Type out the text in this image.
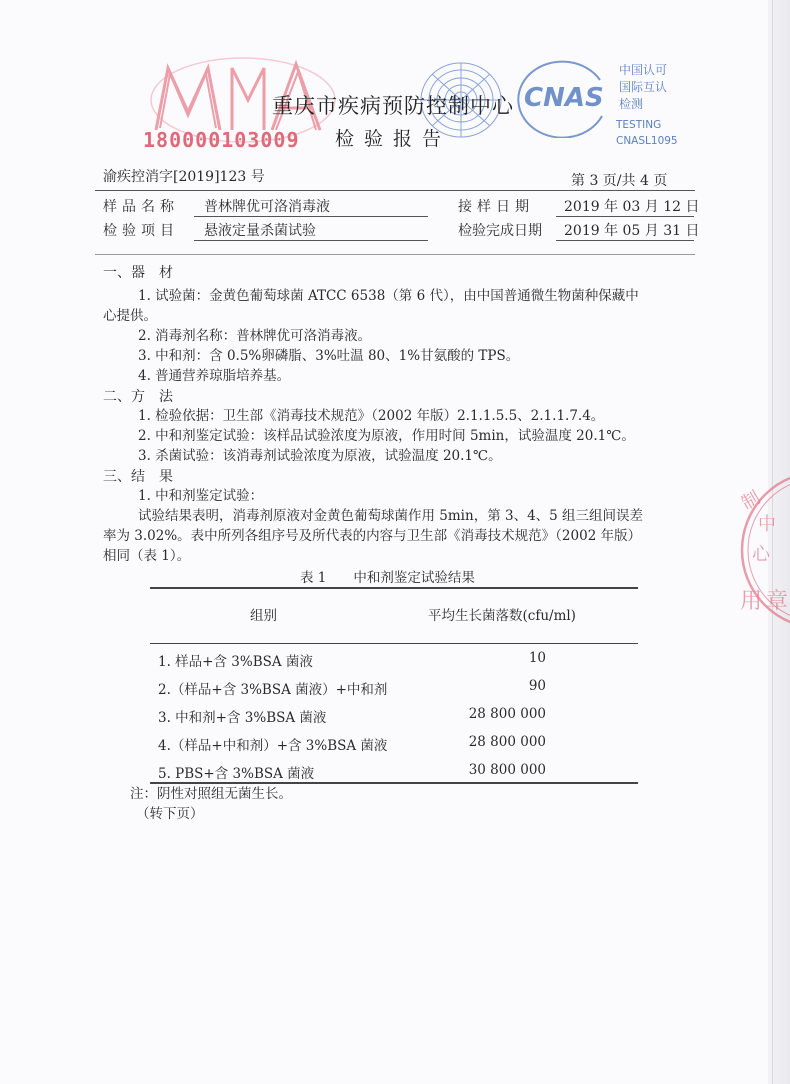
180000103009
CNAS
中国认可
国际互认
检测
TESTING
CNASL1095
制
中
心
用 章
重庆市疾病预防控制中心
检验报告
渝疾控消字[2019]123 号	第 3 页/共 4 页
样品名称 普林牌优可洛消毒液	接样日期 2019 年 03 月 12 日
检验项目 悬液定量杀菌试验	检验完成日期 2019 年 05 月 31 日
一、器　材
1. 试验菌：金黄色葡萄球菌 ATCC 6538（第 6 代），由中国普通微生物菌种保藏中
心提供。
2. 消毒剂名称：普林牌优可洛消毒液。
3. 中和剂：含 0.5%卵磷脂、3%吐温 80、1%甘氨酸的 TPS。
4. 普通营养琼脂培养基。
二、方　法
1. 检验依据：卫生部《消毒技术规范》（2002 年版）2.1.1.5.5、2.1.1.7.4。
2. 中和剂鉴定试验：该样品试验浓度为原液，作用时间 5min，试验温度 20.1℃。
3. 杀菌试验：该消毒剂试验浓度为原液，试验温度 20.1℃。
三、结　果
1. 中和剂鉴定试验：
试验结果表明，消毒剂原液对金黄色葡萄球菌作用 5min，第 3、4、5 组三组间误差
率为 3.02%。表中所列各组序号及所代表的内容与卫生部《消毒技术规范》（2002 年版）
相同（表 1）。
表 1　　中和剂鉴定试验结果
组别	平均生长菌落数(cfu/ml)
1. 样品+含 3%BSA 菌液	10
2.（样品+含 3%BSA 菌液）+中和剂	90
3. 中和剂+含 3%BSA 菌液	28 800 000
4.（样品+中和剂）+含 3%BSA 菌液	28 800 000
5. PBS+含 3%BSA 菌液	30 800 000
注：阴性对照组无菌生长。
（转下页）
